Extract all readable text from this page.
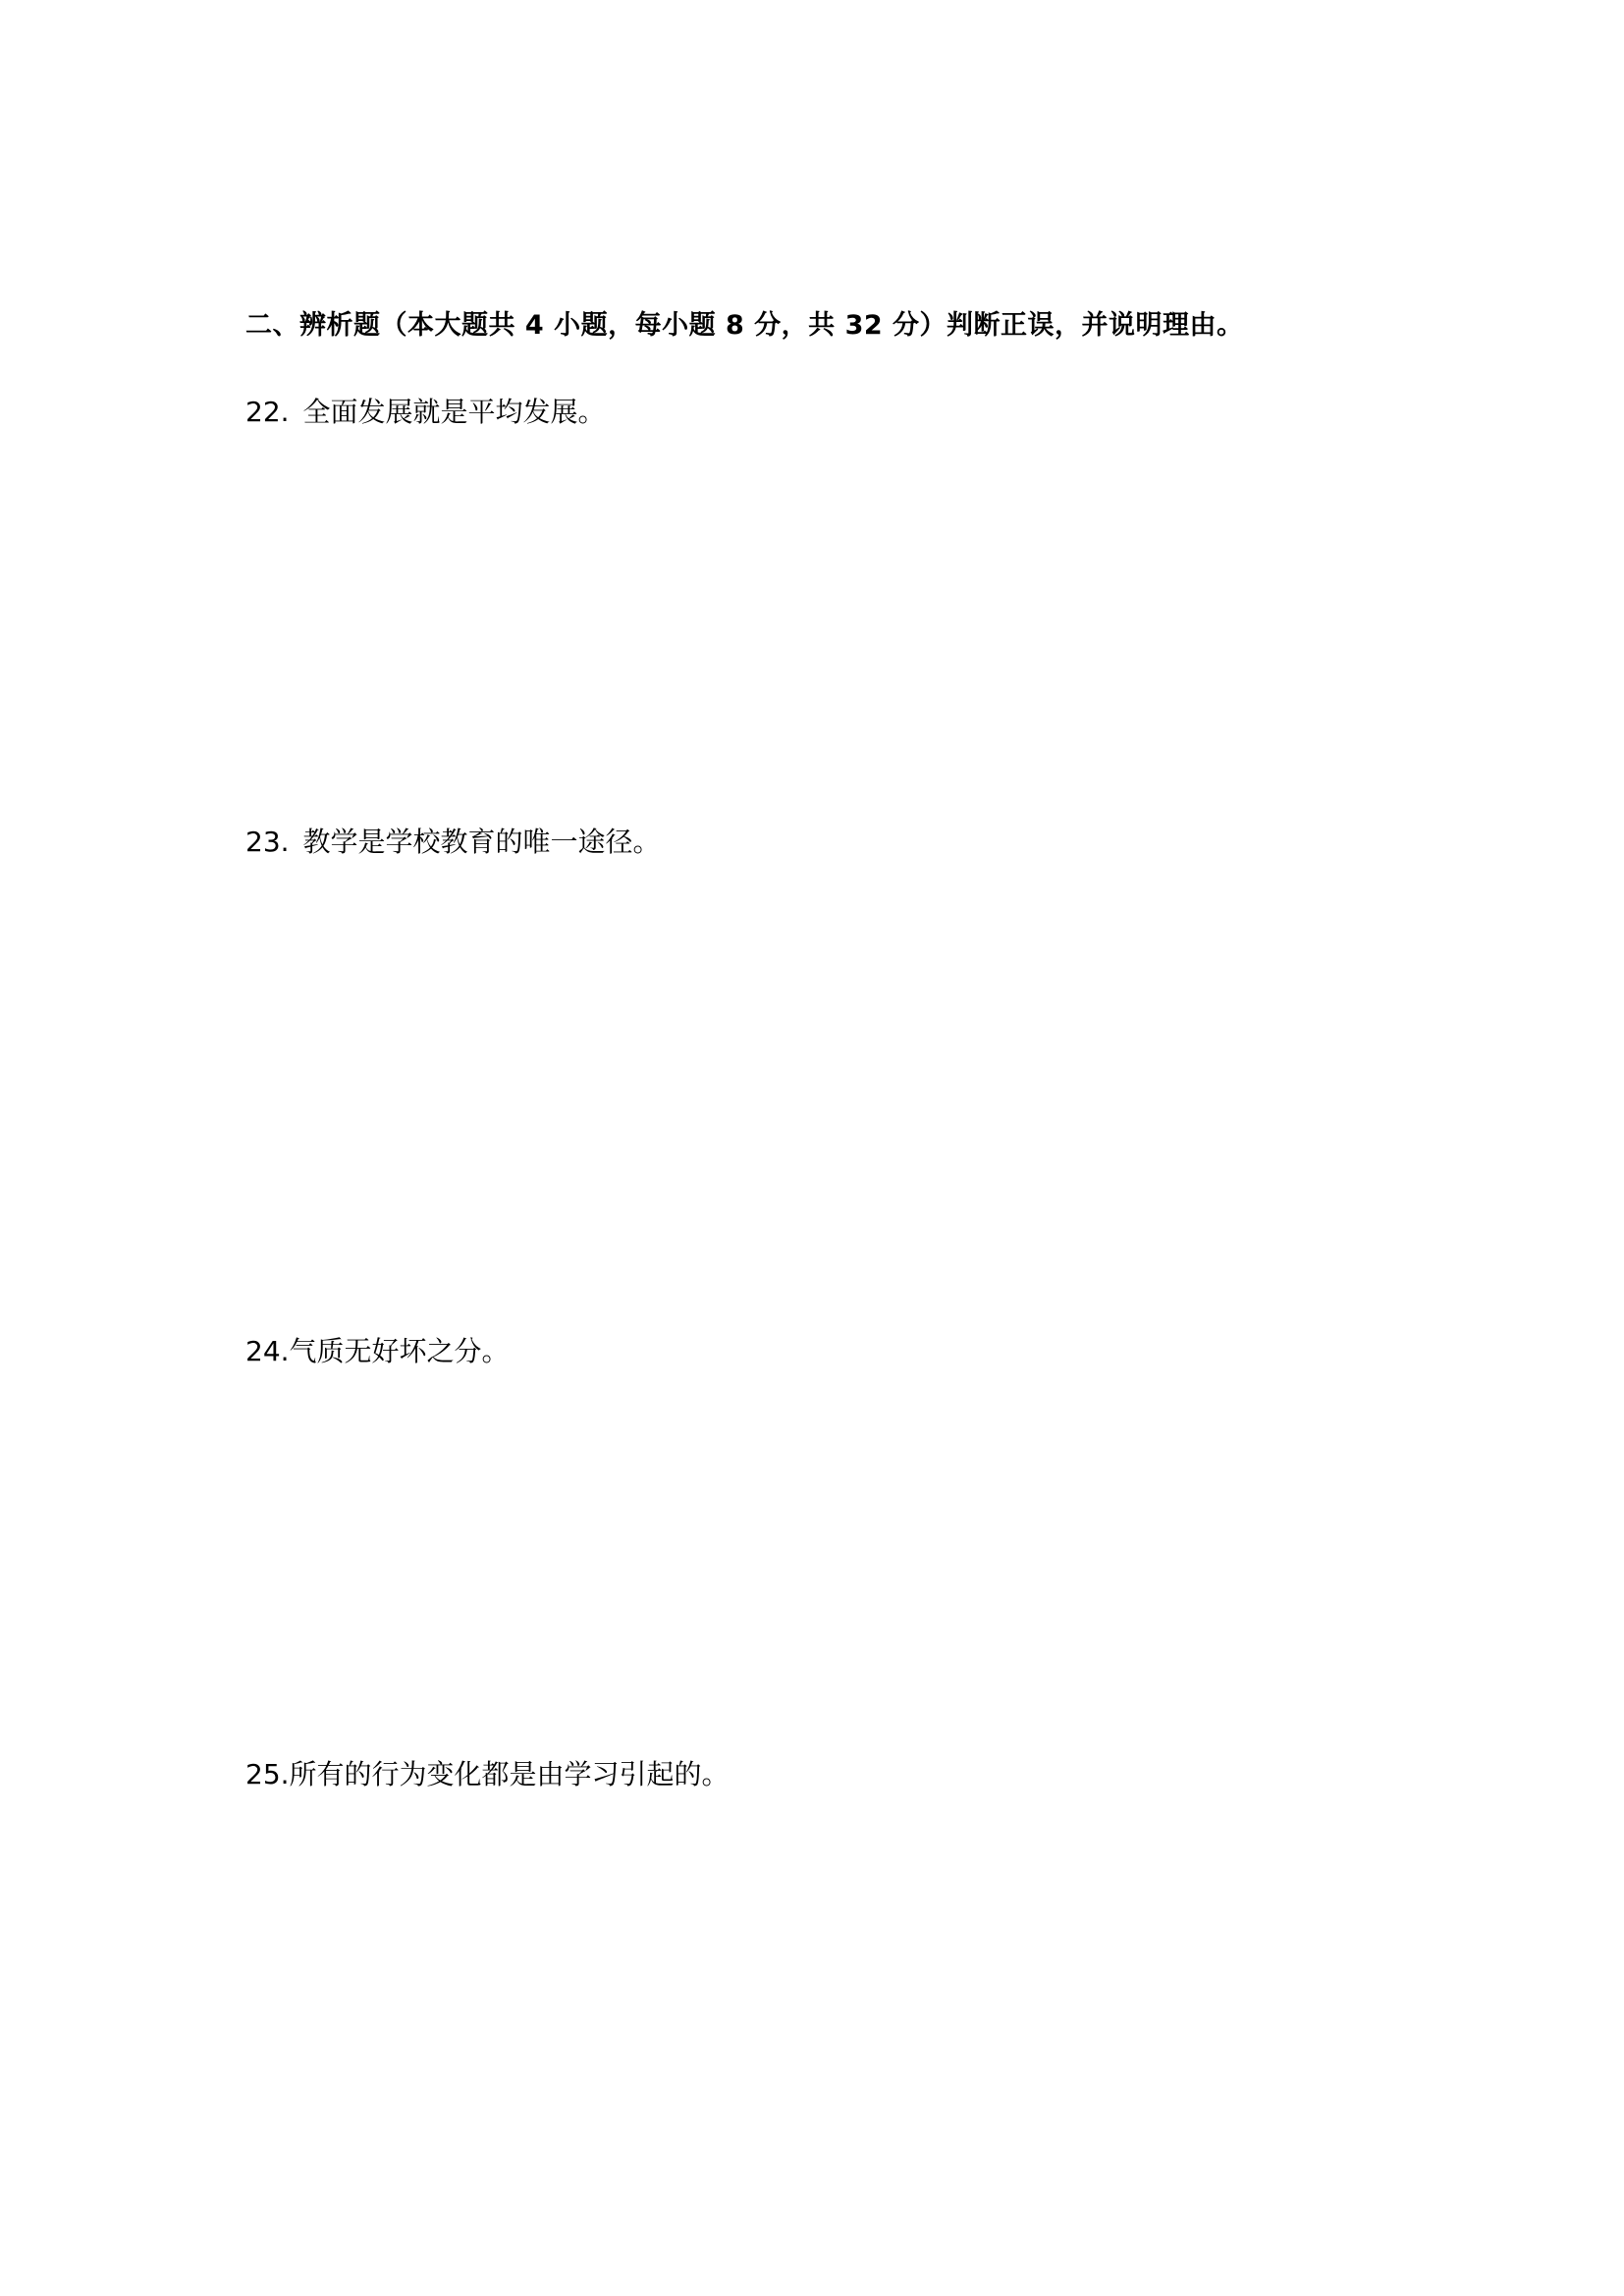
二、辨析题（本大题共 4 小题，每小题 8 分，共 32 分）判断正误，并说明理由。

22. 全面发展就是平均发展。

23. 教学是学校教育的唯一途径。

24.气质无好坏之分。

25.所有的行为变化都是由学习引起的。
